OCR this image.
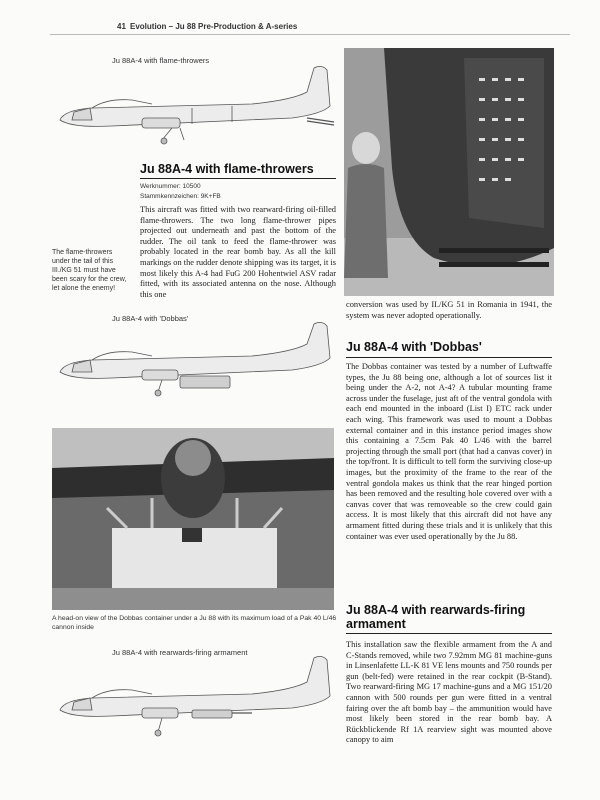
41 Evolution – Ju 88 Pre-Production & A-series
Ju 88A-4 with flame-throwers
Ju 88A-4 with flame-throwers
Werknummer: 10500
Stammkennzeichen: 9K+FB
This aircraft was fitted with two rearward-firing oil-filled flame-throwers. The two long flame-thrower pipes projected out underneath and past the bottom of the rudder. The oil tank to feed the flame-thrower was probably located in the rear bomb bay. As all the kill markings on the rudder denote shipping was its target, it is most likely this A-4 had FuG 200 Hohentwiel ASV radar fitted, with its associated antenna on the nose. Although this one
The flame-throwers under the tail of this III./KG 51 must have been scary for the crew, let alone the enemy!
conversion was used by II./KG 51 in Romania in 1941, the system was never adopted operationally.
Ju 88A-4 with 'Dobbas'
A head-on view of the Dobbas container under a Ju 88 with its maximum load of a Pak 40 L/46 cannon inside
Ju 88A-4 with 'Dobbas'
The Dobbas container was tested by a number of Luftwaffe types, the Ju 88 being one, although a lot of sources list it being under the A-2, not A-4? A tubular mounting frame across under the fuselage, just aft of the ventral gondola with each end mounted in the inboard (List I) ETC rack under each wing. This framework was used to mount a Dobbas external container and in this instance period images show this containing a 7.5cm Pak 40 L/46 with the barrel projecting through the small port (that had a canvas cover) in the top/front. It is difficult to tell form the surviving close-up images, but the proximity of the frame to the rear of the ventral gondola makes us think that the rear hinged portion has been removed and the resulting hole covered over with a canvas cover that was removeable so the crew could gain access. It is most likely that this aircraft did not have any armament fitted during these trials and it is unlikely that this container was ever used operationally by the Ju 88.
Ju 88A-4 with rearwards-firing armament
Ju 88A-4 with rearwards-firing armament
This installation saw the flexible armament from the A and C-Stands removed, while two 7.92mm MG 81 machine-guns in Linsenlafette LL-K 81 VE lens mounts and 750 rounds per gun (belt-fed) were retained in the rear cockpit (B-Stand). Two rearward-firing MG 17 machine-guns and a MG 151/20 cannon with 500 rounds per gun were fitted in a ventral fairing over the aft bomb bay – the ammunition would have most likely been stored in the rear bomb bay. A Rückblickende Rf 1A rearview sight was mounted above canopy to aim
